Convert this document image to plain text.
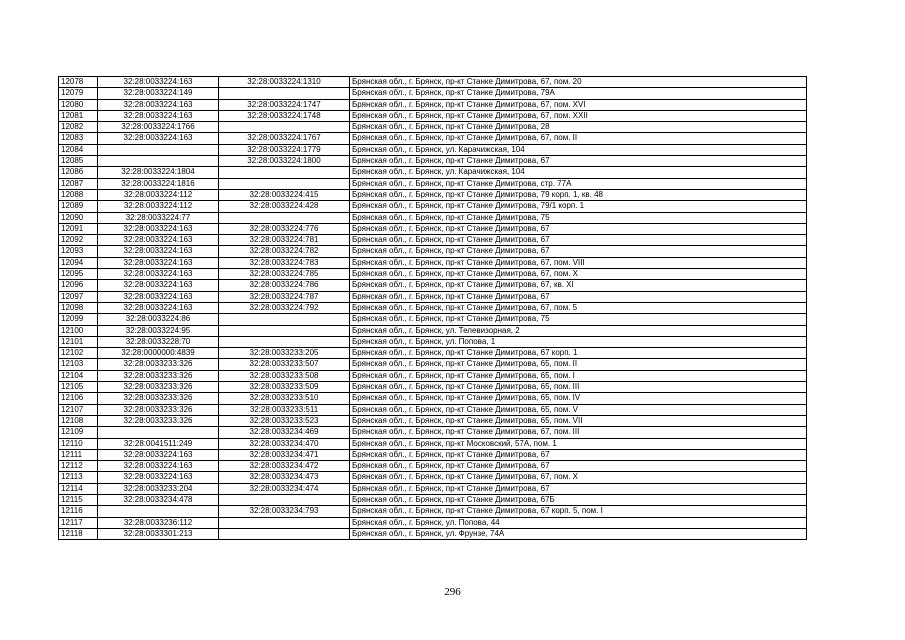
12078	32:28:0033224:163	32:28:0033224:1310	Брянская обл., г. Брянск, пр-кт Станке Димитрова, 67, пом. 20
12079	32:28:0033224:149		Брянская обл., г. Брянск, пр-кт Станке Димитрова, 79А
12080	32:28:0033224:163	32:28:0033224:1747	Брянская обл., г. Брянск, пр-кт Станке Димитрова, 67, пом. XVI
12081	32:28:0033224:163	32:28:0033224:1748	Брянская обл., г. Брянск, пр-кт Станке Димитрова, 67, пом. XXII
12082	32:28:0033224:1766		Брянская обл., г. Брянск, пр-кт Станке Димитрова, 28
12083	32:28:0033224:163	32:28:0033224:1767	Брянская обл., г. Брянск, пр-кт Станке Димитрова, 67, пом. II
12084		32:28:0033224:1779	Брянская обл., г. Брянск, ул. Карачижская, 104
12085		32:28:0033224:1800	Брянская обл., г. Брянск, пр-кт Станке Димитрова, 67
12086	32:28:0033224:1804		Брянская обл., г. Брянск, ул. Карачижская, 104
12087	32:28:0033224:1816		Брянская обл., г. Брянск, пр-кт Станке Димитрова, стр. 77А
12088	32:28:0033224:112	32:28:0033224:415	Брянская обл., г. Брянск, пр-кт Станке Димитрова, 79 корп. 1, кв. 48
12089	32:28:0033224:112	32:28:0033224:428	Брянская обл., г. Брянск, пр-кт Станке Димитрова, 79/1 корп. 1
12090	32:28:0033224:77		Брянская обл., г. Брянск, пр-кт Станке Димитрова, 75
12091	32:28:0033224:163	32:28:0033224:776	Брянская обл., г. Брянск, пр-кт Станке Димитрова, 67
12092	32:28:0033224:163	32:28:0033224:781	Брянская обл., г. Брянск, пр-кт Станке Димитрова, 67
12093	32:28:0033224:163	32:28:0033224:782	Брянская обл., г. Брянск, пр-кт Станке Димитрова, 67
12094	32:28:0033224:163	32:28:0033224:783	Брянская обл., г. Брянск, пр-кт Станке Димитрова, 67, пом. VIII
12095	32:28:0033224:163	32:28:0033224:785	Брянская обл., г. Брянск, пр-кт Станке Димитрова, 67, пом. X
12096	32:28:0033224:163	32:28:0033224:786	Брянская обл., г. Брянск, пр-кт Станке Димитрова, 67, кв. XI
12097	32:28:0033224:163	32:28:0033224:787	Брянская обл., г. Брянск, пр-кт Станке Димитрова, 67
12098	32:28:0033224:163	32:28:0033224:792	Брянская обл., г. Брянск, пр-кт Станке Димитрова, 67, пом. 5
12099	32:28:0033224:86		Брянская обл., г. Брянск, пр-кт Станке Димитрова, 75
12100	32:28:0033224:95		Брянская обл., г. Брянск, ул. Телевизорная, 2
12101	32:28:0033228:70		Брянская обл., г. Брянск, ул. Попова, 1
12102	32:28:0000000:4839	32:28:0033233:205	Брянская обл., г. Брянск, пр-кт Станке Димитрова, 67 корп. 1
12103	32:28:0033233:326	32:28:0033233:507	Брянская обл., г. Брянск, пр-кт Станке Димитрова, 65, пом. II
12104	32:28:0033233:326	32:28:0033233:508	Брянская обл., г. Брянск, пр-кт Станке Димитрова, 65, пом. I
12105	32:28:0033233:326	32:28:0033233:509	Брянская обл., г. Брянск, пр-кт Станке Димитрова, 65, пом. III
12106	32:28:0033233:326	32:28:0033233:510	Брянская обл., г. Брянск, пр-кт Станке Димитрова, 65, пом. IV
12107	32:28:0033233:326	32:28:0033233:511	Брянская обл., г. Брянск, пр-кт Станке Димитрова, 65, пом. V
12108	32:28:0033233:326	32:28:0033233:523	Брянская обл., г. Брянск, пр-кт Станке Димитрова, 65, пом. VII
12109		32:28:0033234:469	Брянская обл., г. Брянск, пр-кт Станке Димитрова, 67, пом. III
12110	32:28:0041511:249	32:28:0033234:470	Брянская обл., г. Брянск, пр-кт Московский, 57А, пом. 1
12111	32:28:0033224:163	32:28:0033234:471	Брянская обл., г. Брянск, пр-кт Станке Димитрова, 67
12112	32:28:0033224:163	32:28:0033234:472	Брянская обл., г. Брянск, пр-кт Станке Димитрова, 67
12113	32:28:0033224:163	32:28:0033234:473	Брянская обл., г. Брянск, пр-кт Станке Димитрова, 67, пом. X
12114	32:28:0033233:204	32:28:0033234:474	Брянская обл., г. Брянск, пр-кт Станке Димитрова, 67
12115	32:28:0033234:478		Брянская обл., г. Брянск, пр-кт Станке Димитрова, 67Б
12116		32:28:0033234:793	Брянская обл., г. Брянск, пр-кт Станке Димитрова, 67 корп. 5, пом. I
12117	32:28:0033236:112		Брянская обл., г. Брянск, ул. Попова, 44
12118	32:28:0033301:213		Брянская обл., г. Брянск, ул. Фрунзе, 74А
296
